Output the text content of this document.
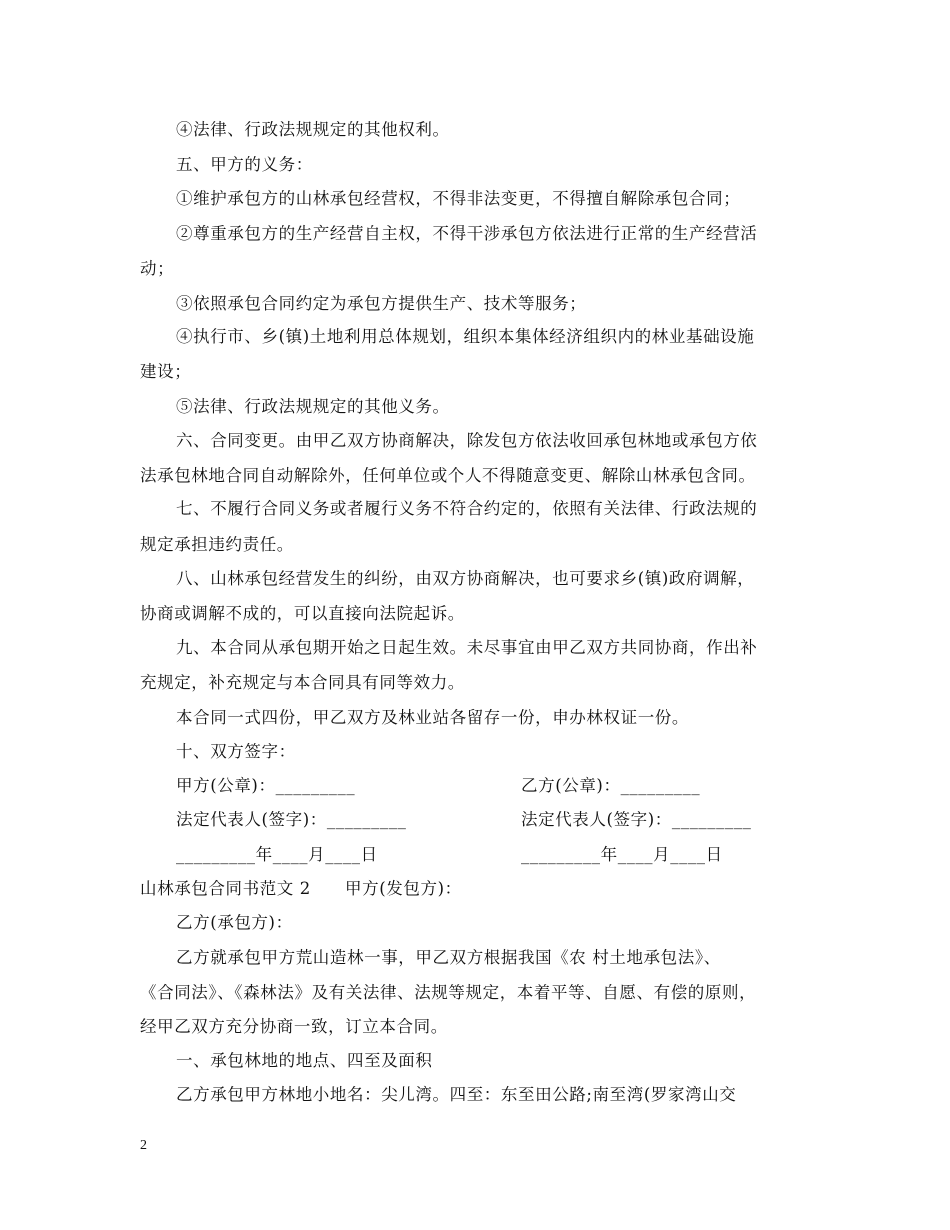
④法律、行政法规规定的其他权利。
五、甲方的义务：
①维护承包方的山林承包经营权，不得非法变更，不得擅自解除承包合同；
②尊重承包方的生产经营自主权，不得干涉承包方依法进行正常的生产经营活
动；
③依照承包合同约定为承包方提供生产、技术等服务；
④执行市、乡(镇)土地利用总体规划，组织本集体经济组织内的林业基础设施
建设；
⑤法律、行政法规规定的其他义务。
六、合同变更。由甲乙双方协商解决，除发包方依法收回承包林地或承包方依
法承包林地合同自动解除外，任何单位或个人不得随意变更、解除山林承包含同。
七、不履行合同义务或者履行义务不符合约定的，依照有关法律、行政法规的
规定承担违约责任。
八、山林承包经营发生的纠纷，由双方协商解决，也可要求乡(镇)政府调解，
协商或调解不成的，可以直接向法院起诉。
九、本合同从承包期开始之日起生效。未尽事宜由甲乙双方共同协商，作出补
充规定，补充规定与本合同具有同等效力。
本合同一式四份，甲乙双方及林业站各留存一份，申办林权证一份。
十、双方签字：
甲方(公章)：_________	乙方(公章)：_________
法定代表人(签字)：_________	法定代表人(签字)：_________
_________年____月____日	_________年____月____日
山林承包合同书范文 2　　甲方(发包方)：
乙方(承包方)：
乙方就承包甲方荒山造林一事，甲乙双方根据我国《农 村土地承包法》、
《合同法》、《森林法》及有关法律、法规等规定，本着平等、自愿、有偿的原则，
经甲乙双方充分协商一致，订立本合同。
一、承包林地的地点、四至及面积
乙方承包甲方林地小地名：尖儿湾。四至：东至田公路;南至湾(罗家湾山交
2
